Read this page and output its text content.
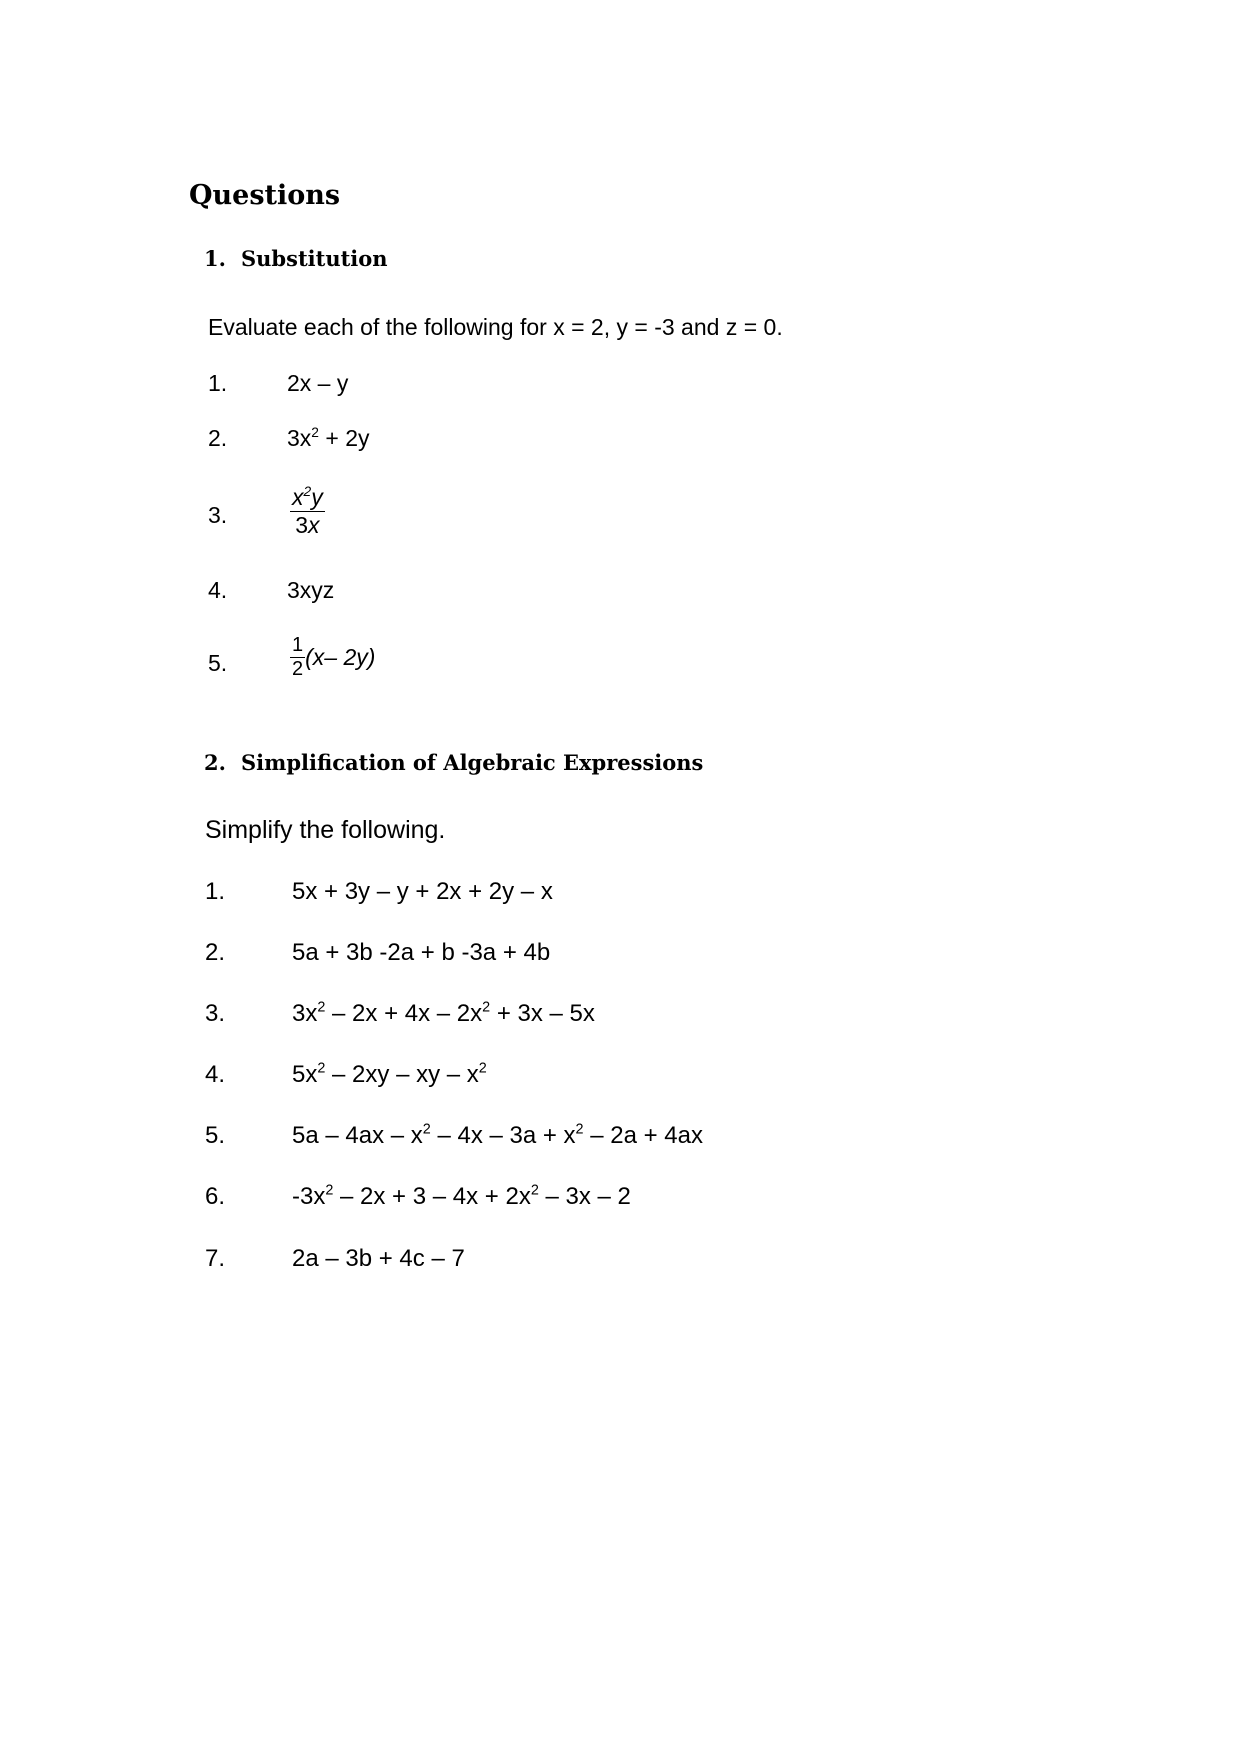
Questions
1. Substitution
Evaluate each of the following for x = 2, y = -3 and z = 0.
1.	2x – y
2.	$3x^2 + 2y$
3.	$\frac{x^2y}{3x}$
4.	3xyz
5.	$\frac{1}{2} (x-$ 2y)
2. Simplification of Algebraic Expressions
Simplify the following.
1.	5x + 3y – y + 2x + 2y – x
2.	5a + 3b -2a + b -3a + 4b
3.	$3x^2 - 2x + 4x - 2x^2 + 3x - 5x$
4.	$5x^2 - 2xy$ – xy – $x^2$
5.	$5a - 4ax - x^2 - 4x - 3a + x^2 - 2a + 4ax$
6.	$-3x^2 - 2x + 3 - 4x + 2x^2 - 3x - 2$
7.	2a – 3b + 4c – 7
